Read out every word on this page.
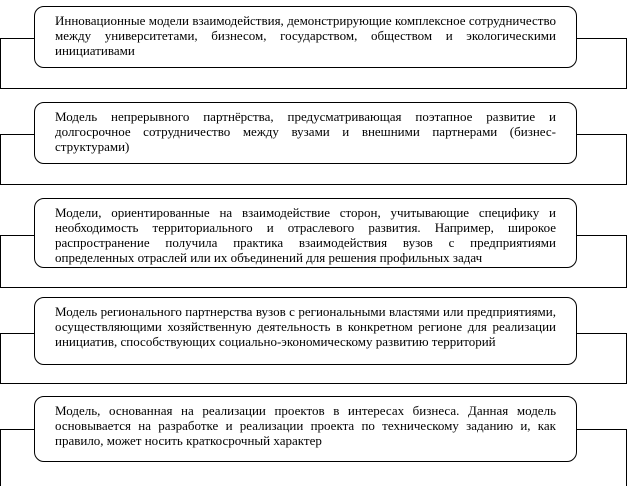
Инновационные модели взаимодействия, демонстрирующие комплексное сотрудничество между университетами, бизнесом, государством, обществом и экологическими инициативами
Модель непрерывного партнёрства, предусматривающая поэтапное развитие и долгосрочное сотрудничество между вузами и внешними партнерами (бизнес-структурами)
Модели, ориентированные на взаимодействие сторон, учитывающие специфику и необходимость территориального и отраслевого развития. Например, широкое распространение получила практика взаимодействия вузов с предприятиями определенных отраслей или их объединений для решения профильных задач
Модель регионального партнерства вузов с региональными властями или предприятиями, осуществляющими хозяйственную деятельность в конкретном регионе для реализации инициатив, способствующих социально-экономическому развитию территорий
Модель, основанная на реализации проектов в интересах бизнеса. Данная модель основывается на разработке и реализации проекта по техническому заданию и, как правило, может носить краткосрочный характер
